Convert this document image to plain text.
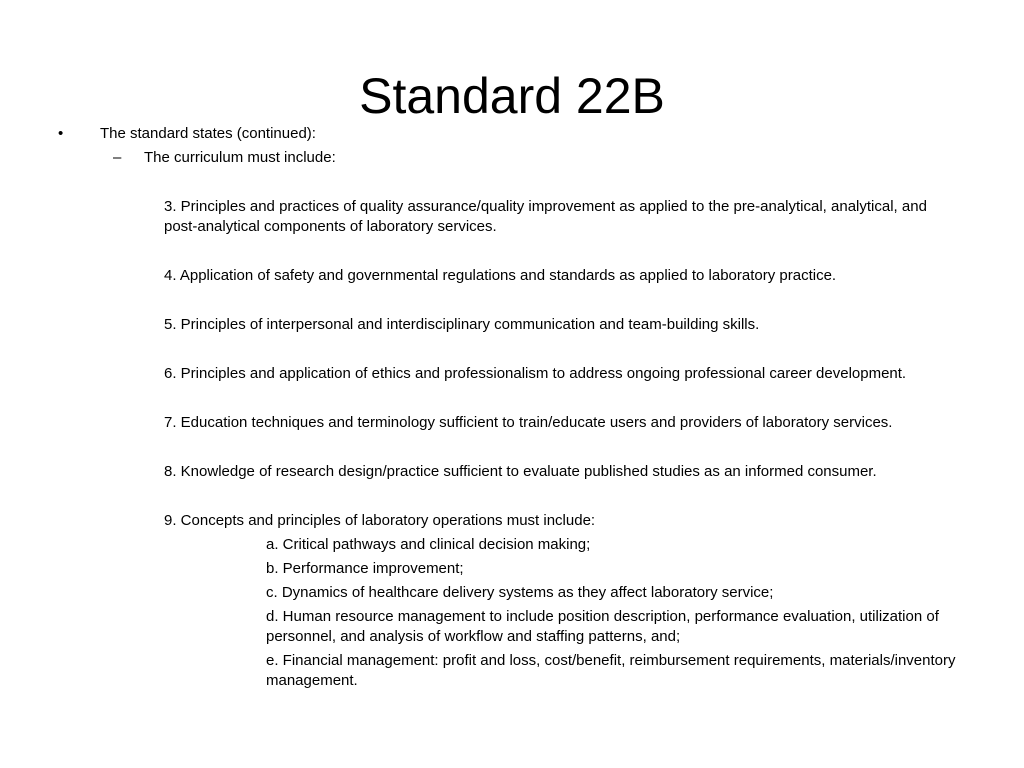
Standard 22B
• The standard states (continued):
– The curriculum must include:

3. Principles and practices of quality assurance/quality improvement as applied to the pre-analytical, analytical, and post-analytical components of laboratory services.

4. Application of safety and governmental regulations and standards as applied to laboratory practice.

5. Principles of interpersonal and interdisciplinary communication and team-building skills.

6. Principles and application of ethics and professionalism to address ongoing professional career development.

7. Education techniques and terminology sufficient to train/educate users and providers of laboratory services.

8. Knowledge of research design/practice sufficient to evaluate published studies as an informed consumer.

9. Concepts and principles of laboratory operations must include:

a. Critical pathways and clinical decision making;

b. Performance improvement;

c. Dynamics of healthcare delivery systems as they affect laboratory service;

d. Human resource management to include position description, performance evaluation, utilization of personnel, and analysis of workflow and staffing patterns, and;

e. Financial management: profit and loss, cost/benefit, reimbursement requirements, materials/inventory management.
